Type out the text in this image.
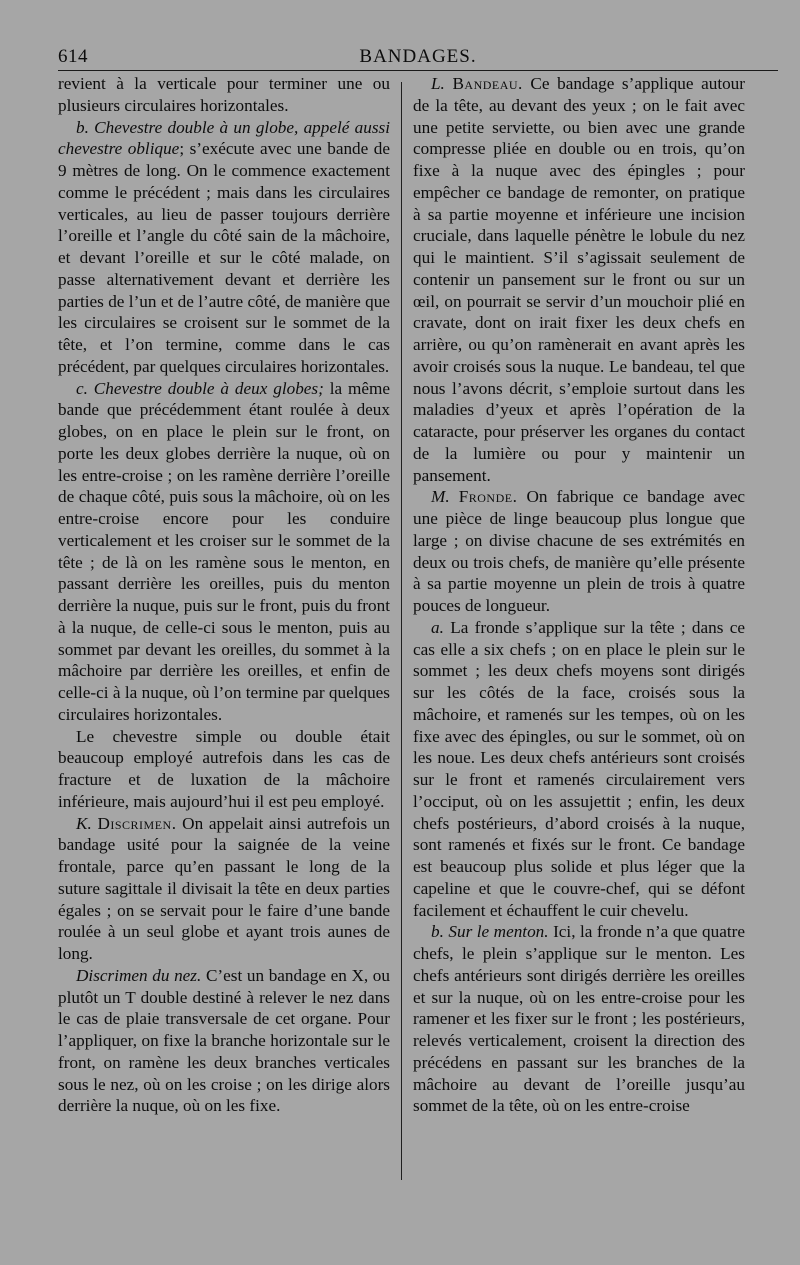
614	BANDAGES.

revient à la verticale pour terminer une ou plusieurs circulaires horizontales.

b. Chevestre double à un globe, appelé aussi chevestre oblique; s’exécute avec une bande de 9 mètres de long. On le commence exactement comme le précédent ; mais dans les circulaires verticales, au lieu de passer toujours derrière l’oreille et l’angle du côté sain de la mâchoire, et devant l’oreille et sur le côté malade, on passe alternativement devant et derrière les parties de l’un et de l’autre côté, de manière que les circulaires se croisent sur le sommet de la tête, et l’on termine, comme dans le cas précédent, par quelques circulaires horizontales.

c. Chevestre double à deux globes; la même bande que précédemment étant roulée à deux globes, on en place le plein sur le front, on porte les deux globes derrière la nuque, où on les entre-croise ; on les ramène derrière l’oreille de chaque côté, puis sous la mâchoire, où on les entre-croise encore pour les conduire verticalement et les croiser sur le sommet de la tête ; de là on les ramène sous le menton, en passant derrière les oreilles, puis du menton derrière la nuque, puis sur le front, puis du front à la nuque, de celle-ci sous le menton, puis au sommet par devant les oreilles, du sommet à la mâchoire par derrière les oreilles, et enfin de celle-ci à la nuque, où l’on termine par quelques circulaires horizontales.

Le chevestre simple ou double était beaucoup employé autrefois dans les cas de fracture et de luxation de la mâchoire inférieure, mais aujourd’hui il est peu employé.

K. Discrimen. On appelait ainsi autrefois un bandage usité pour la saignée de la veine frontale, parce qu’en passant le long de la suture sagittale il divisait la tête en deux parties égales ; on se servait pour le faire d’une bande roulée à un seul globe et ayant trois aunes de long.

Discrimen du nez. C’est un bandage en X, ou plutôt un T double destiné à relever le nez dans le cas de plaie transversale de cet organe. Pour l’appliquer, on fixe la branche horizontale sur le front, on ramène les deux branches verticales sous le nez, où on les croise ; on les dirige alors derrière la nuque, où on les fixe.

L. Bandeau. Ce bandage s’applique autour de la tête, au devant des yeux ; on le fait avec une petite serviette, ou bien avec une grande compresse pliée en double ou en trois, qu’on fixe à la nuque avec des épingles ; pour empêcher ce bandage de remonter, on pratique à sa partie moyenne et inférieure une incision cruciale, dans laquelle pénètre le lobule du nez qui le maintient. S’il s’agissait seulement de contenir un pansement sur le front ou sur un œil, on pourrait se servir d’un mouchoir plié en cravate, dont on irait fixer les deux chefs en arrière, ou qu’on ramènerait en avant après les avoir croisés sous la nuque. Le bandeau, tel que nous l’avons décrit, s’emploie surtout dans les maladies d’yeux et après l’opération de la cataracte, pour préserver les organes du contact de la lumière ou pour y maintenir un pansement.

M. Fronde. On fabrique ce bandage avec une pièce de linge beaucoup plus longue que large ; on divise chacune de ses extrémités en deux ou trois chefs, de manière qu’elle présente à sa partie moyenne un plein de trois à quatre pouces de longueur.

a. La fronde s’applique sur la tête ; dans ce cas elle a six chefs ; on en place le plein sur le sommet ; les deux chefs moyens sont dirigés sur les côtés de la face, croisés sous la mâchoire, et ramenés sur les tempes, où on les fixe avec des épingles, ou sur le sommet, où on les noue. Les deux chefs antérieurs sont croisés sur le front et ramenés circulairement vers l’occiput, où on les assujettit ; enfin, les deux chefs postérieurs, d’abord croisés à la nuque, sont ramenés et fixés sur le front. Ce bandage est beaucoup plus solide et plus léger que la capeline et que le couvre-chef, qui se défont facilement et échauffent le cuir chevelu.

b. Sur le menton. Ici, la fronde n’a que quatre chefs, le plein s’applique sur le menton. Les chefs antérieurs sont dirigés derrière les oreilles et sur la nuque, où on les entre-croise pour les ramener et les fixer sur le front ; les postérieurs, relevés verticalement, croisent la direction des précédens en passant sur les branches de la mâchoire au devant de l’oreille jusqu’au sommet de la tête, où on les entre-croise
